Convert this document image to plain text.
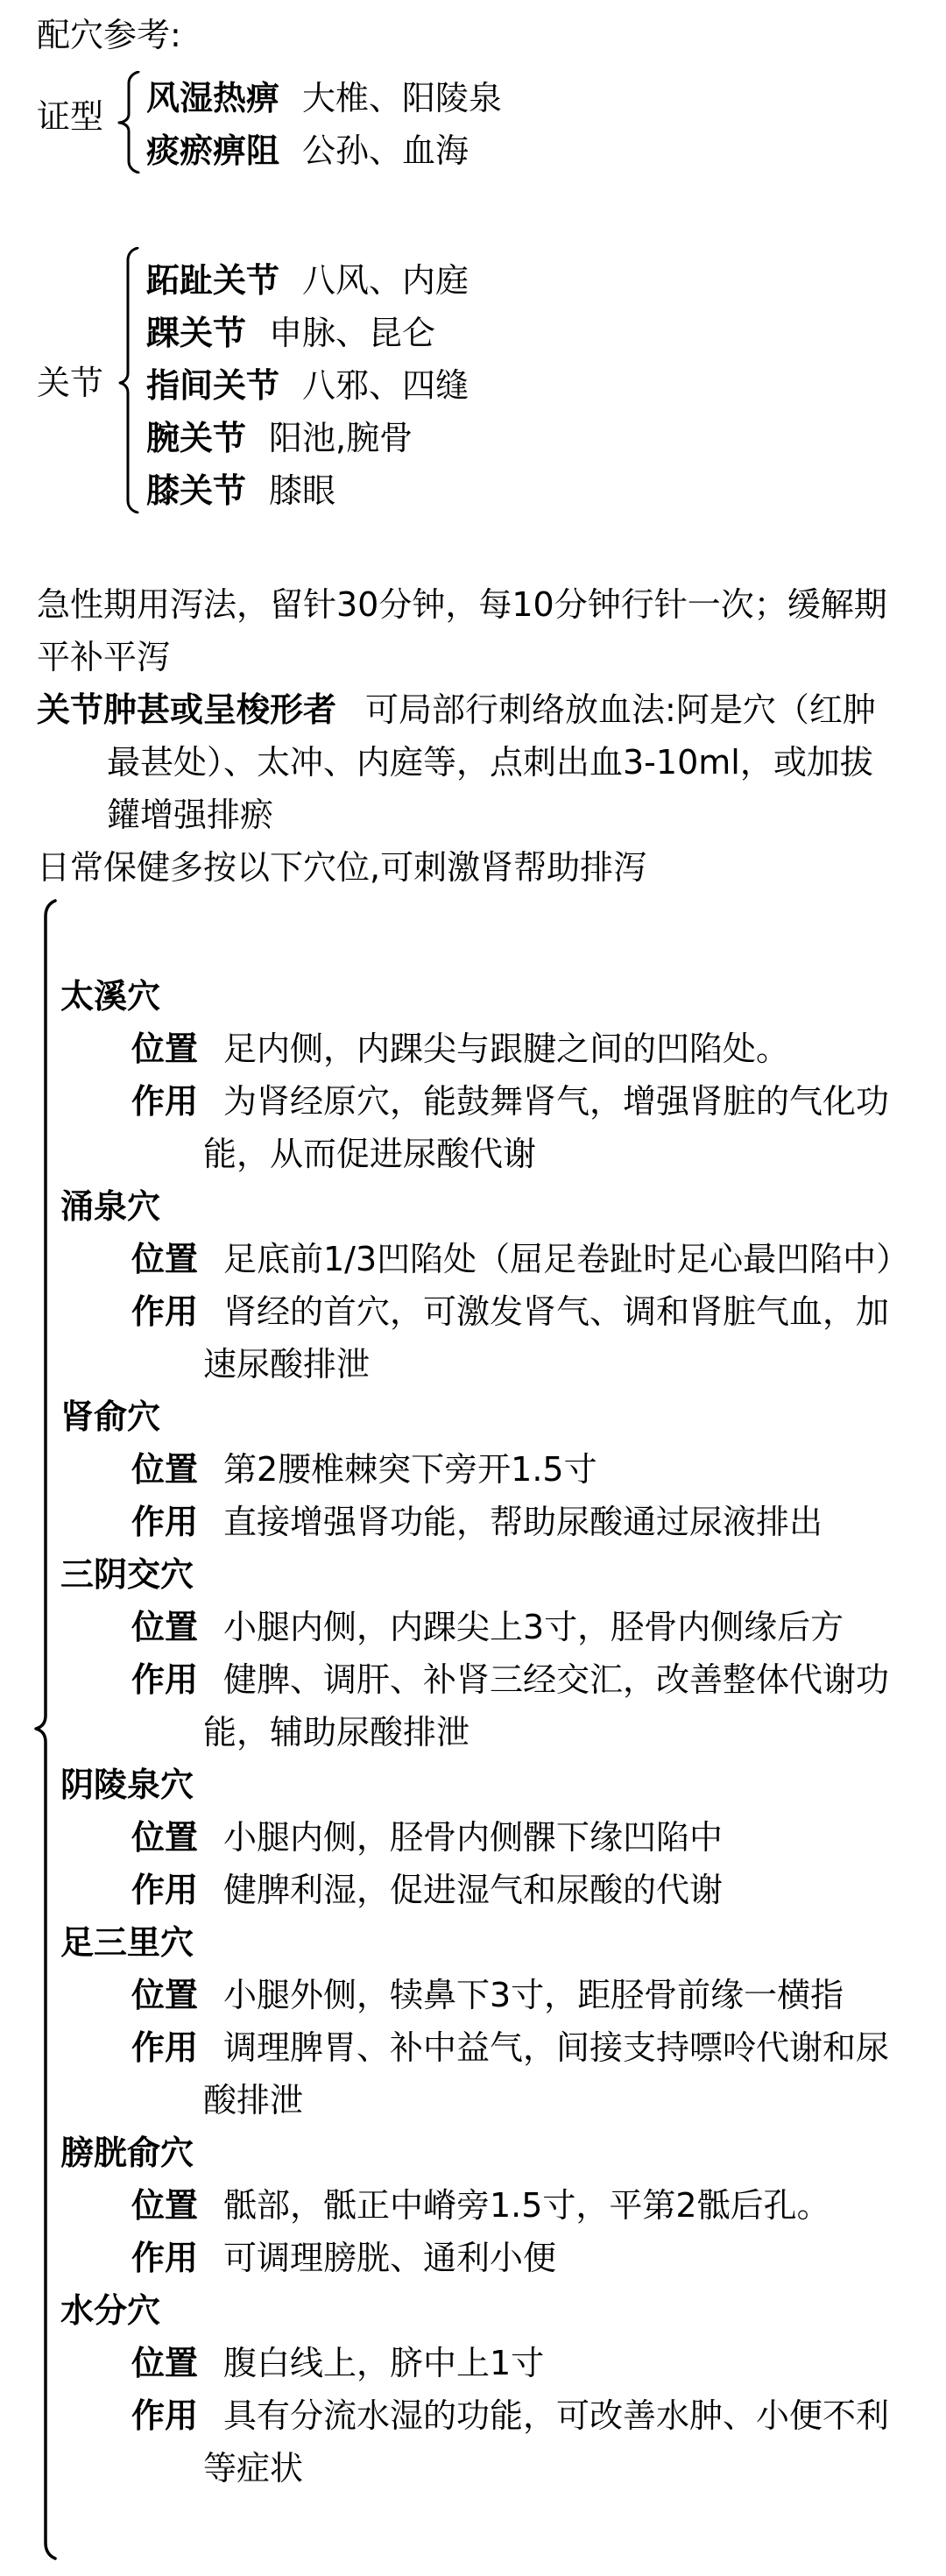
配穴参考:
证型 风湿热痹 大椎、阳陵泉
痰瘀痹阻 公孙、血海
关节
跖趾关节 八风、内庭
踝关节 申脉、昆仑
指间关节 八邪、四缝
腕关节 阳池,腕骨
膝关节 膝眼
急性期用泻法，留针30分钟，每10分钟行针一次；缓解期
平补平泻
关节肿甚或呈梭形者 可局部行刺络放血法:阿是穴（红肿
最甚处）、太冲、内庭等，点刺出血3-10ml，或加拔
鑵增强排瘀
日常保健多按以下穴位,可刺激肾帮助排泻
太溪穴
位置 足内侧，内踝尖与跟腱之间的凹陷处。
作用 为肾经原穴，能鼓舞肾气，增强肾脏的气化功
能，从而促进尿酸代谢
涌泉穴
位置 足底前1/3凹陷处（屈足卷趾时足心最凹陷中）
作用 肾经的首穴，可激发肾气、调和肾脏气血，加
速尿酸排泄
肾俞穴
位置 第2腰椎棘突下旁开1.5寸
作用 直接增强肾功能，帮助尿酸通过尿液排出
三阴交穴
位置 小腿内侧，内踝尖上3寸，胫骨内侧缘后方
作用 健脾、调肝、补肾三经交汇，改善整体代谢功
能，辅助尿酸排泄
阴陵泉穴
位置 小腿内侧，胫骨内侧髁下缘凹陷中
作用 健脾利湿，促进湿气和尿酸的代谢
足三里穴
位置 小腿外侧，犊鼻下3寸，距胫骨前缘一横指
作用 调理脾胃、补中益气，间接支持嘌呤代谢和尿
酸排泄
膀胱俞穴
位置 骶部，骶正中嵴旁1.5寸，平第2骶后孔。
作用 可调理膀胱、通利小便
水分穴
位置 腹白线上，脐中上1寸
作用 具有分流水湿的功能，可改善水肿、小便不利
等症状
